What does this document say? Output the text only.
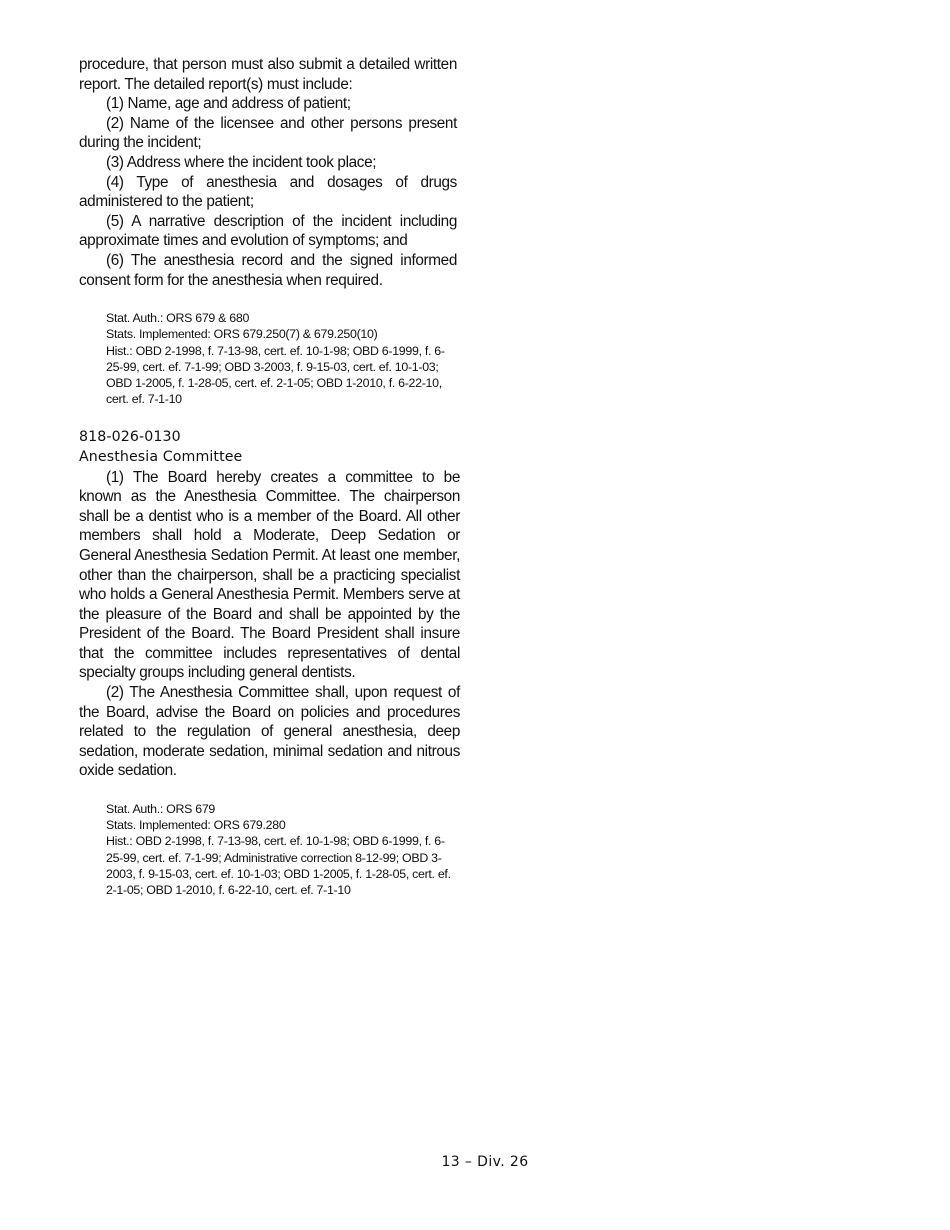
procedure, that person must also submit a detailed written report. The detailed report(s) must include:

(1) Name, age and address of patient;

(2) Name of the licensee and other persons present during the incident;

(3) Address where the incident took place;

(4) Type of anesthesia and dosages of drugs administered to the patient;

(5) A narrative description of the incident including approximate times and evolution of symptoms; and

(6) The anesthesia record and the signed informed consent form for the anesthesia when required.

Stat. Auth.: ORS 679 & 680
Stats. Implemented: ORS 679.250(7) & 679.250(10)
Hist.: OBD 2-1998, f. 7-13-98, cert. ef. 10-1-98; OBD 6-1999, f. 6-25-99, cert. ef. 7-1-99; OBD 3-2003, f. 9-15-03, cert. ef. 10-1-03; OBD 1-2005, f. 1-28-05, cert. ef. 2-1-05; OBD 1-2010, f. 6-22-10, cert. ef. 7-1-10
818-026-0130
Anesthesia Committee

(1) The Board hereby creates a committee to be known as the Anesthesia Committee. The chairperson shall be a dentist who is a member of the Board. All other members shall hold a Moderate, Deep Sedation or General Anesthesia Sedation Permit. At least one member, other than the chairperson, shall be a practicing specialist who holds a General Anesthesia Permit. Members serve at the pleasure of the Board and shall be appointed by the President of the Board. The Board President shall insure that the committee includes representatives of dental specialty groups including general dentists.

(2) The Anesthesia Committee shall, upon request of the Board, advise the Board on policies and procedures related to the regulation of general anesthesia, deep sedation, moderate sedation, minimal sedation and nitrous oxide sedation.

Stat. Auth.: ORS 679
Stats. Implemented: ORS 679.280
Hist.: OBD 2-1998, f. 7-13-98, cert. ef. 10-1-98; OBD 6-1999, f. 6-25-99, cert. ef. 7-1-99; Administrative correction 8-12-99; OBD 3-2003, f. 9-15-03, cert. ef. 10-1-03; OBD 1-2005, f. 1-28-05, cert. ef. 2-1-05; OBD 1-2010, f. 6-22-10, cert. ef. 7-1-10
13 – Div. 26
